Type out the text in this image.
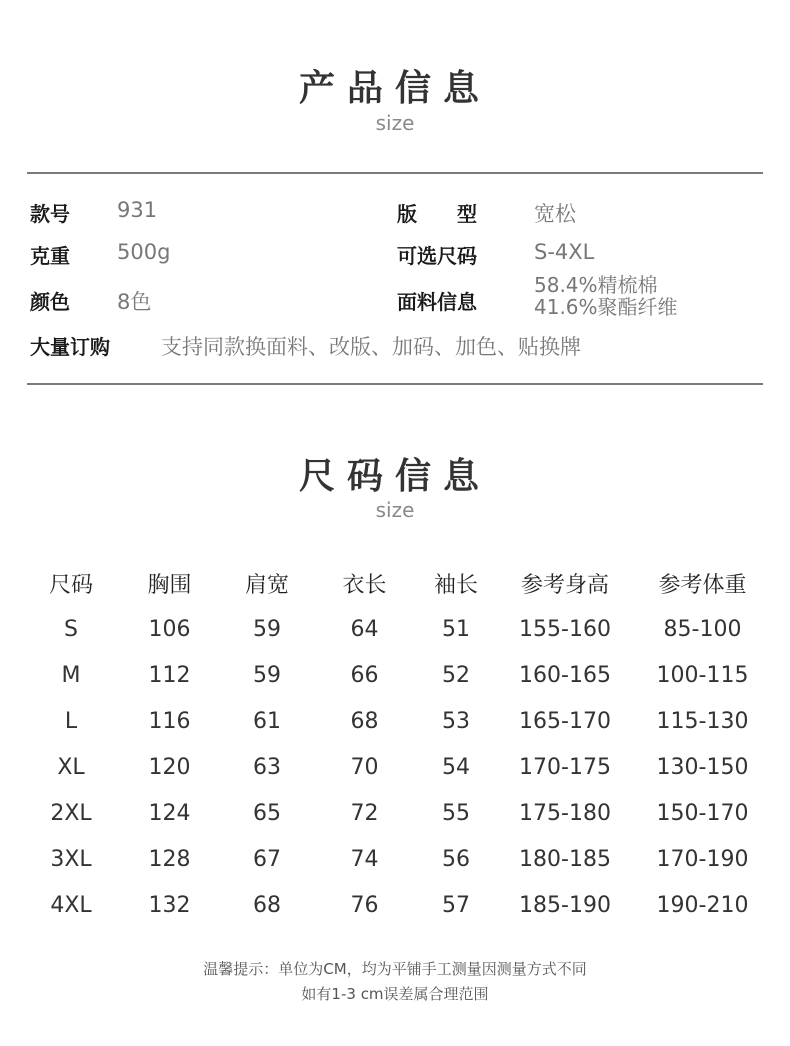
产品信息
size
款号 931	版　　型	宽松
克重 500g	可选尺码	S-4XL
颜色 8色	面料信息
58.4%精梳棉
41.6%聚酯纤维
大量订购 支持同款换面料、改版、加码、加色、贴换牌
尺码信息
size
尺码	胸围	肩宽	衣长	袖长	参考身高	参考体重
S	106	59	64	51	155-160	85-100
M	112	59	66	52	160-165	100-115
L	116	61	68	53	165-170	115-130
XL	120	63	70	54	170-175	130-150
2XL	124	65	72	55	175-180	150-170
3XL	128	67	74	56	180-185	170-190
4XL	132	68	76	57	185-190	190-210
温馨提示：单位为CM，均为平铺手工测量因测量方式不同
如有1-3 cm误差属合理范围
